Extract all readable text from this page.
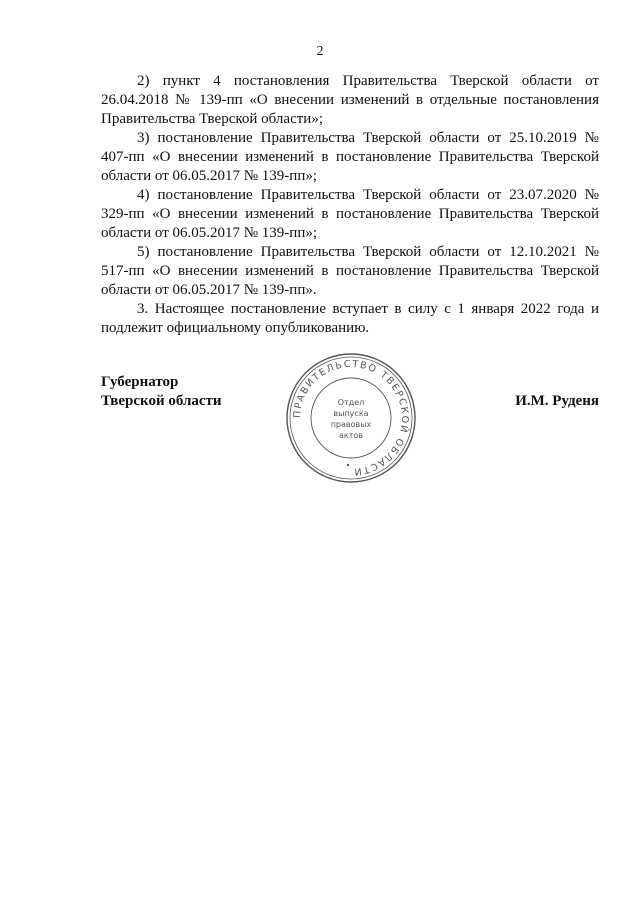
2

2) пункт 4 постановления Правительства Тверской области от 26.04.2018 № 139-пп «О внесении изменений в отдельные постановления Правительства Тверской области»;

3) постановление Правительства Тверской области от 25.10.2019 № 407-пп «О внесении изменений в постановление Правительства Тверской области от 06.05.2017 № 139-пп»;

4) постановление Правительства Тверской области от 23.07.2020 № 329-пп «О внесении изменений в постановление Правительства Тверской области от 06.05.2017 № 139-пп»;

5) постановление Правительства Тверской области от 12.10.2021 № 517-пп «О внесении изменений в постановление Правительства Тверской области от 06.05.2017 № 139-пп».

3. Настоящее постановление вступает в силу с 1 января 2022 года и подлежит официальному опубликованию.

Губернатор
Тверской области	И.М. Руденя
ПРАВИТЕЛЬСТВО ТВЕРСКОЙ ОБЛАСТИ
Отдел
выпуска
правовых
актов
